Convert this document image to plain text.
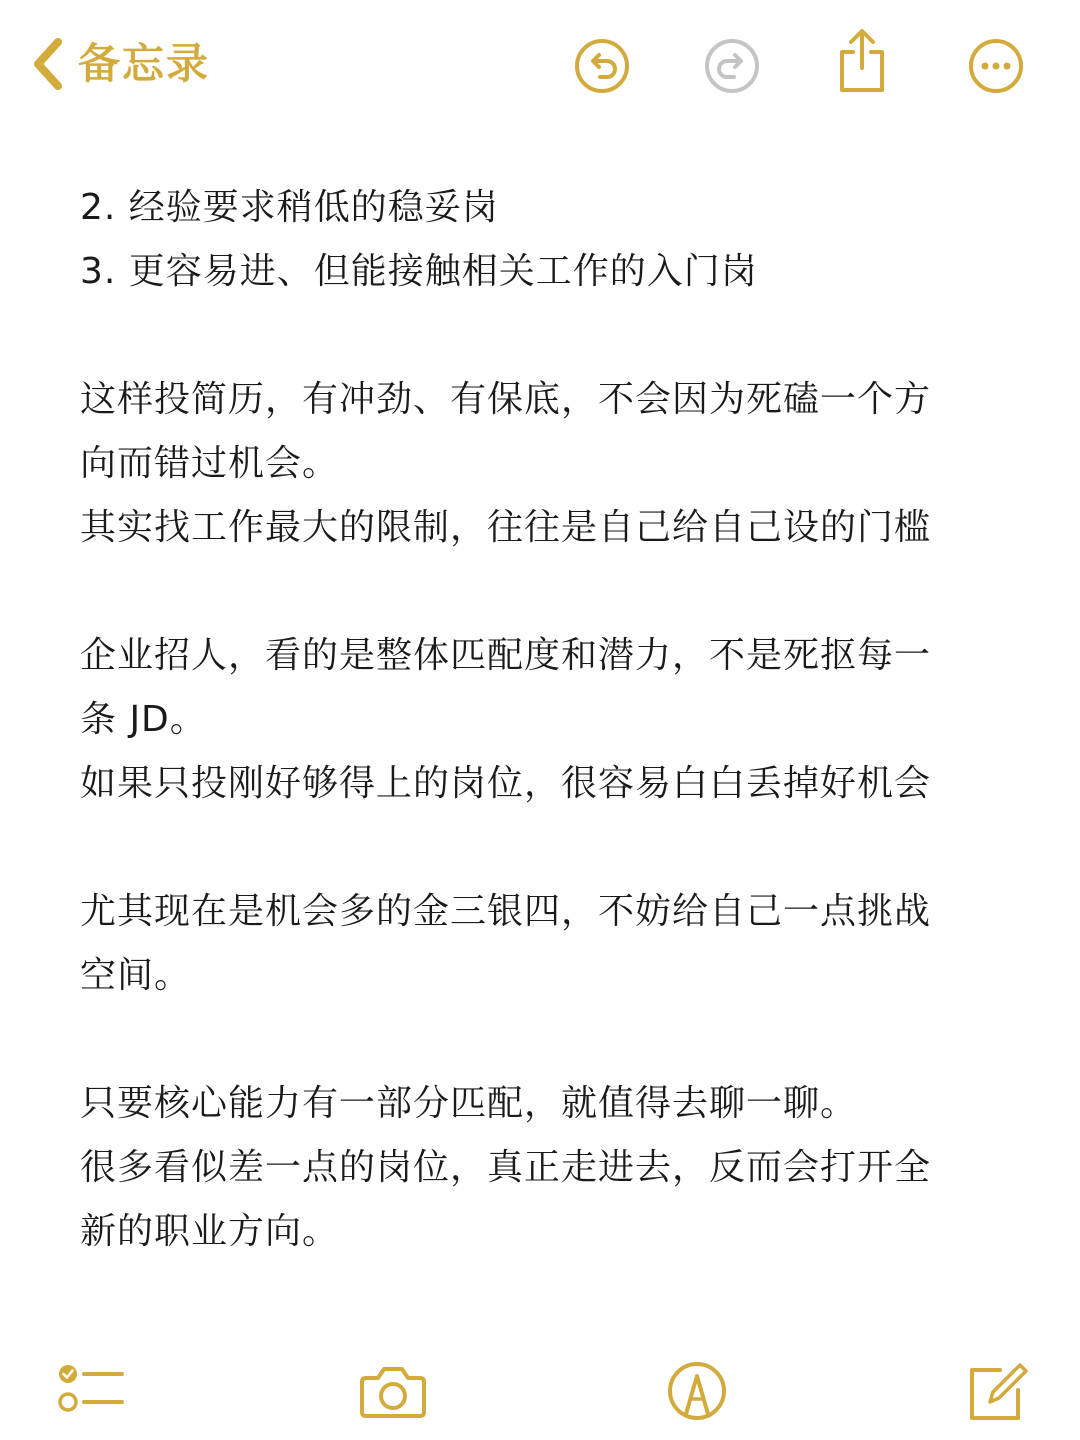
备忘录
2. 经验要求稍低的稳妥岗
3. 更容易进、但能接触相关工作的入门岗
这样投简历，有冲劲、有保底，不会因为死磕一个方
向而错过机会。
其实找工作最大的限制，往往是自己给自己设的门槛
企业招人，看的是整体匹配度和潜力，不是死抠每一
条 JD。
如果只投刚好够得上的岗位，很容易白白丢掉好机会
尤其现在是机会多的金三银四，不妨给自己一点挑战
空间。
只要核心能力有一部分匹配，就值得去聊一聊。
很多看似差一点的岗位，真正走进去，反而会打开全
新的职业方向。
